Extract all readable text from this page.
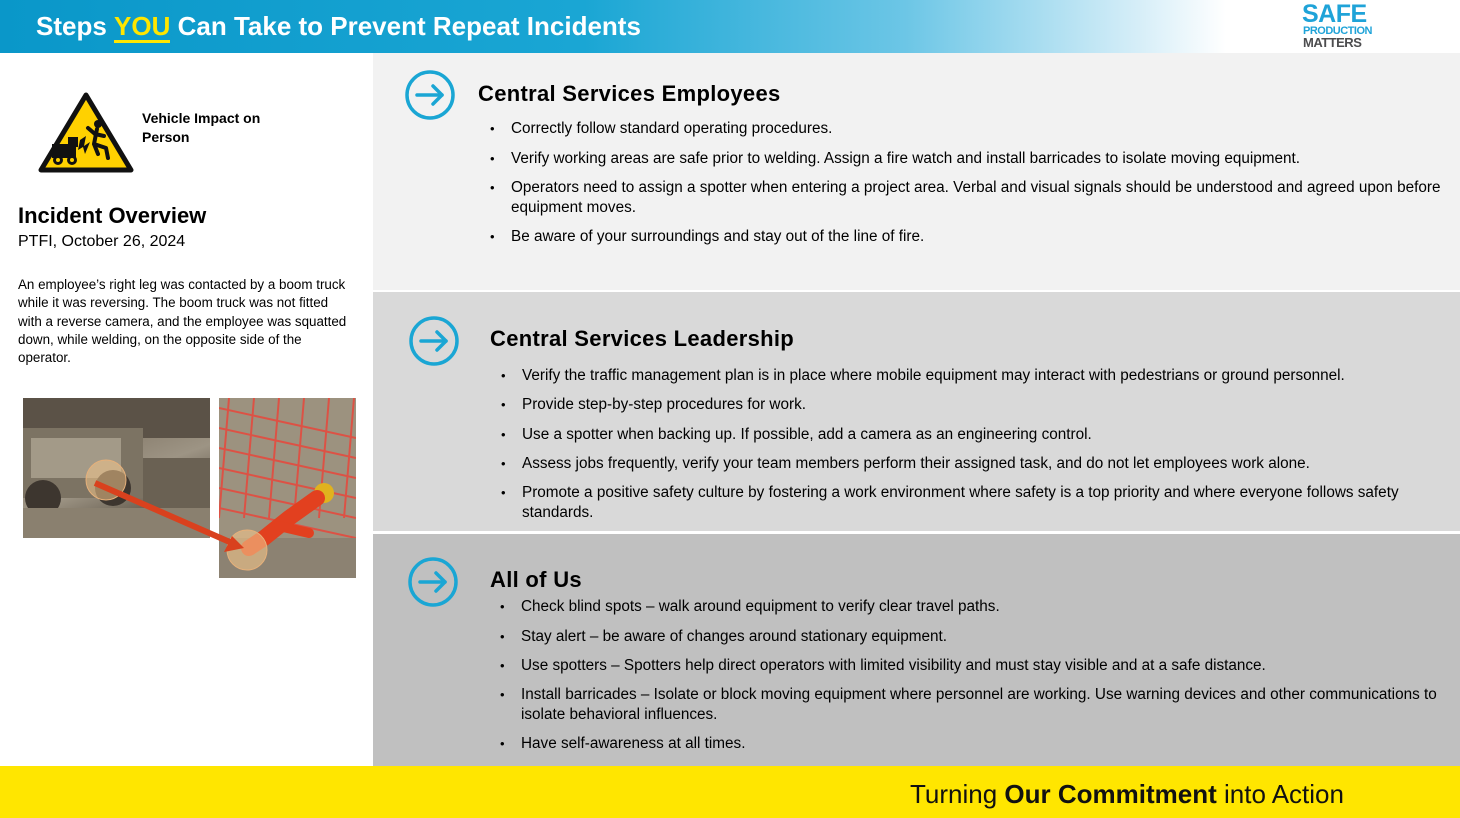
Steps YOU Can Take to Prevent Repeat Incidents	SAFE
PRODUCTION
MATTERS
Vehicle Impact on Person
Incident Overview
PTFI, October 26, 2024
An employee’s right leg was contacted by a boom truck while it was reversing. The boom truck was not fitted with a reverse camera, and the employee was squatted down, while welding, on the opposite side of the operator.
Central Services Employees
• Correctly follow standard operating procedures.
• Verify working areas are safe prior to welding. Assign a fire watch and install barricades to isolate moving equipment.
• Operators need to assign a spotter when entering a project area. Verbal and visual signals should be understood and agreed upon before equipment moves.
• Be aware of your surroundings and stay out of the line of fire.
Central Services Leadership
• Verify the traffic management plan is in place where mobile equipment may interact with pedestrians or ground personnel.
• Provide step-by-step procedures for work.
• Use a spotter when backing up. If possible, add a camera as an engineering control.
• Assess jobs frequently, verify your team members perform their assigned task, and do not let employees work alone.
• Promote a positive safety culture by fostering a work environment where safety is a top priority and where everyone follows safety standards.
All of Us
• Check blind spots – walk around equipment to verify clear travel paths.
• Stay alert – be aware of changes around stationary equipment.
• Use spotters – Spotters help direct operators with limited visibility and must stay visible and at a safe distance.
• Install barricades – Isolate or block moving equipment where personnel are working. Use warning devices and other communications to isolate behavioral influences.
• Have self-awareness at all times.
Turning Our Commitment into Action
